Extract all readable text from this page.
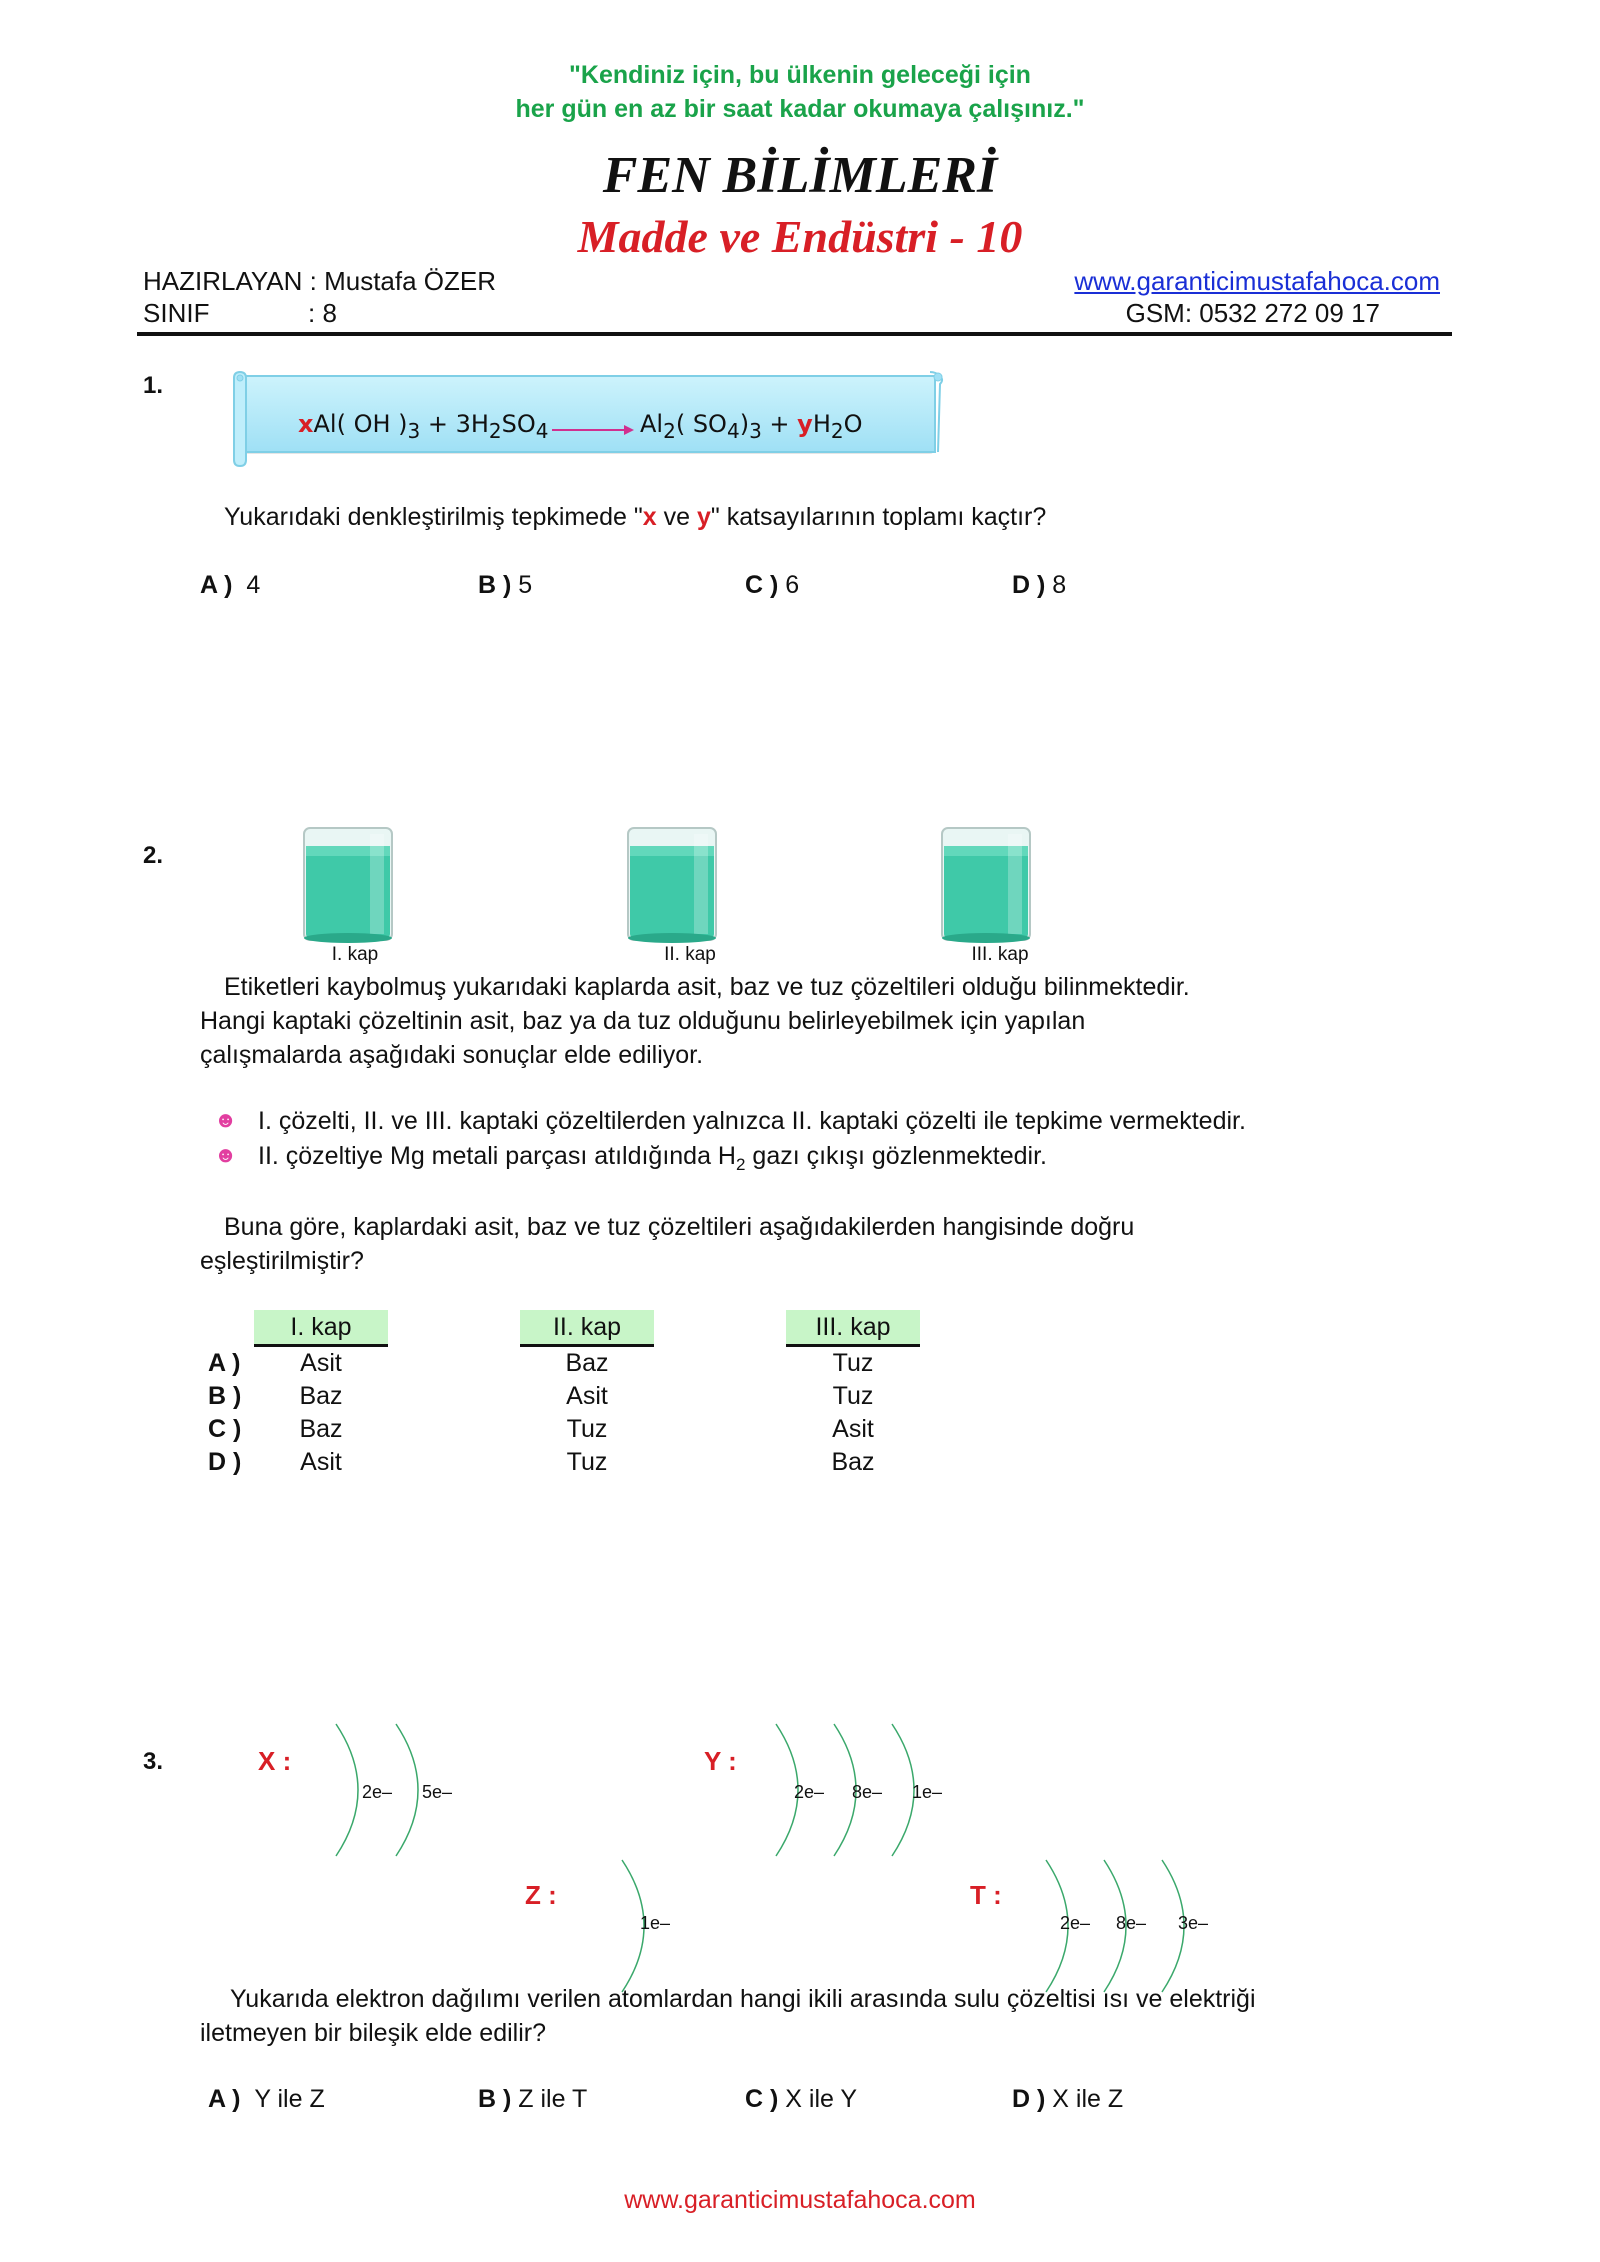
"Kendiniz için, bu ülkenin geleceği için
her gün en az bir saat kadar okumaya çalışınız."
FEN BİLİMLERİ
Madde ve Endüstri - 10
HAZIRLAYAN : Mustafa ÖZER
SINIF	: 8
www.garanticimustafahoca.com
GSM: 0532 272 09 17
1.
xAl( OH )$_3 + 3H_2SO_4$	$Al_2$( $SO_4)_3 + yH_2O$
Yukarıdaki denkleştirilmiş tepkimede "x ve y" katsayılarının toplamı kaçtır?
A ) 4	B ) 5	C ) 6	D ) 8
2.
I. kap	II. kap	III. kap
Etiketleri kaybolmuş yukarıdaki kaplarda asit, baz ve tuz çözeltileri olduğu bilinmektedir.
Hangi kaptaki çözeltinin asit, baz ya da tuz olduğunu belirleyebilmek için yapılan
çalışmalarda aşağıdaki sonuçlar elde ediliyor.
☻ I. çözelti, II. ve III. kaptaki çözeltilerden yalnızca II. kaptaki çözelti ile tepkime vermektedir.
☻ II. çözeltiye Mg metali parçası atıldığında $H_2$ gazı çıkışı gözlenmektedir.
Buna göre, kaplardaki asit, baz ve tuz çözeltileri aşağıdakilerden hangisinde doğru
eşleştirilmiştir?
I. kap	II. kap	III. kap
A )	Asit	Baz	Tuz
B )	Baz	Asit	Tuz
C )	Baz	Tuz	Asit
D )	Asit	Tuz	Baz
3.	X :
2e– 5e–
Y :
2e– 8e– 1e–
Z :
1e–
T :
2e– 8e– 3e–
Yukarıda elektron dağılımı verilen atomlardan hangi ikili arasında sulu çözeltisi ısı ve elektriği
iletmeyen bir bileşik elde edilir?
A ) Y ile Z	B ) Z ile T	C ) X ile Y	D ) X ile Z
www.garanticimustafahoca.com
